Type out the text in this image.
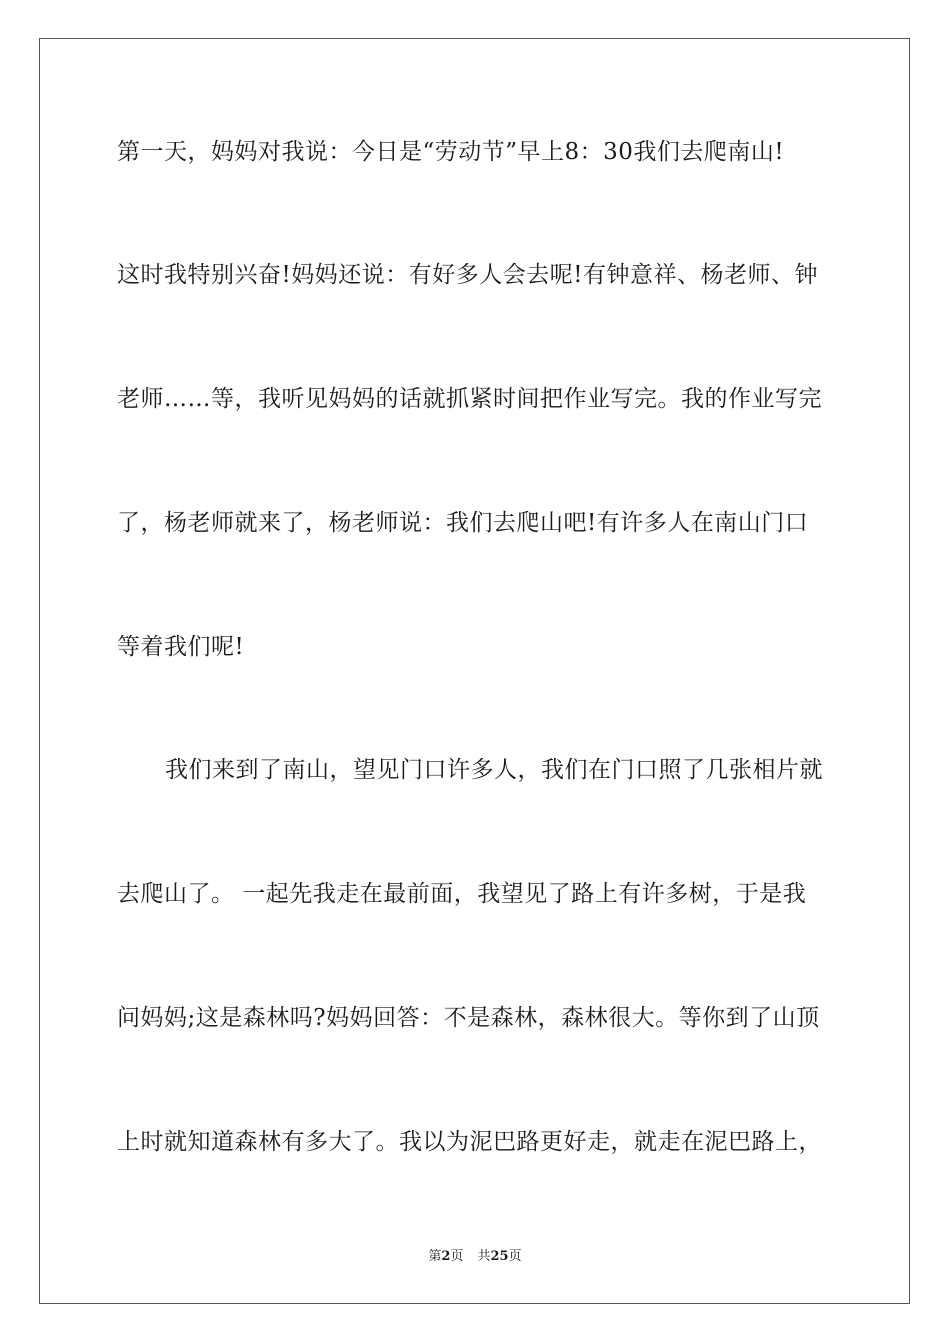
第一天，妈妈对我说：今日是“劳动节”早上8：30我们去爬南山!
这时我特别兴奋!妈妈还说：有好多人会去呢!有钟意祥、杨老师、钟
老师……等，我听见妈妈的话就抓紧时间把作业写完。我的作业写完
了，杨老师就来了，杨老师说：我们去爬山吧!有许多人在南山门口
等着我们呢!
我们来到了南山，望见门口许多人，我们在门口照了几张相片就
去爬山了。 一起先我走在最前面，我望见了路上有许多树，于是我
问妈妈;这是森林吗?妈妈回答：不是森林，森林很大。等你到了山顶
上时就知道森林有多大了。我以为泥巴路更好走，就走在泥巴路上，
第2页 共25页
